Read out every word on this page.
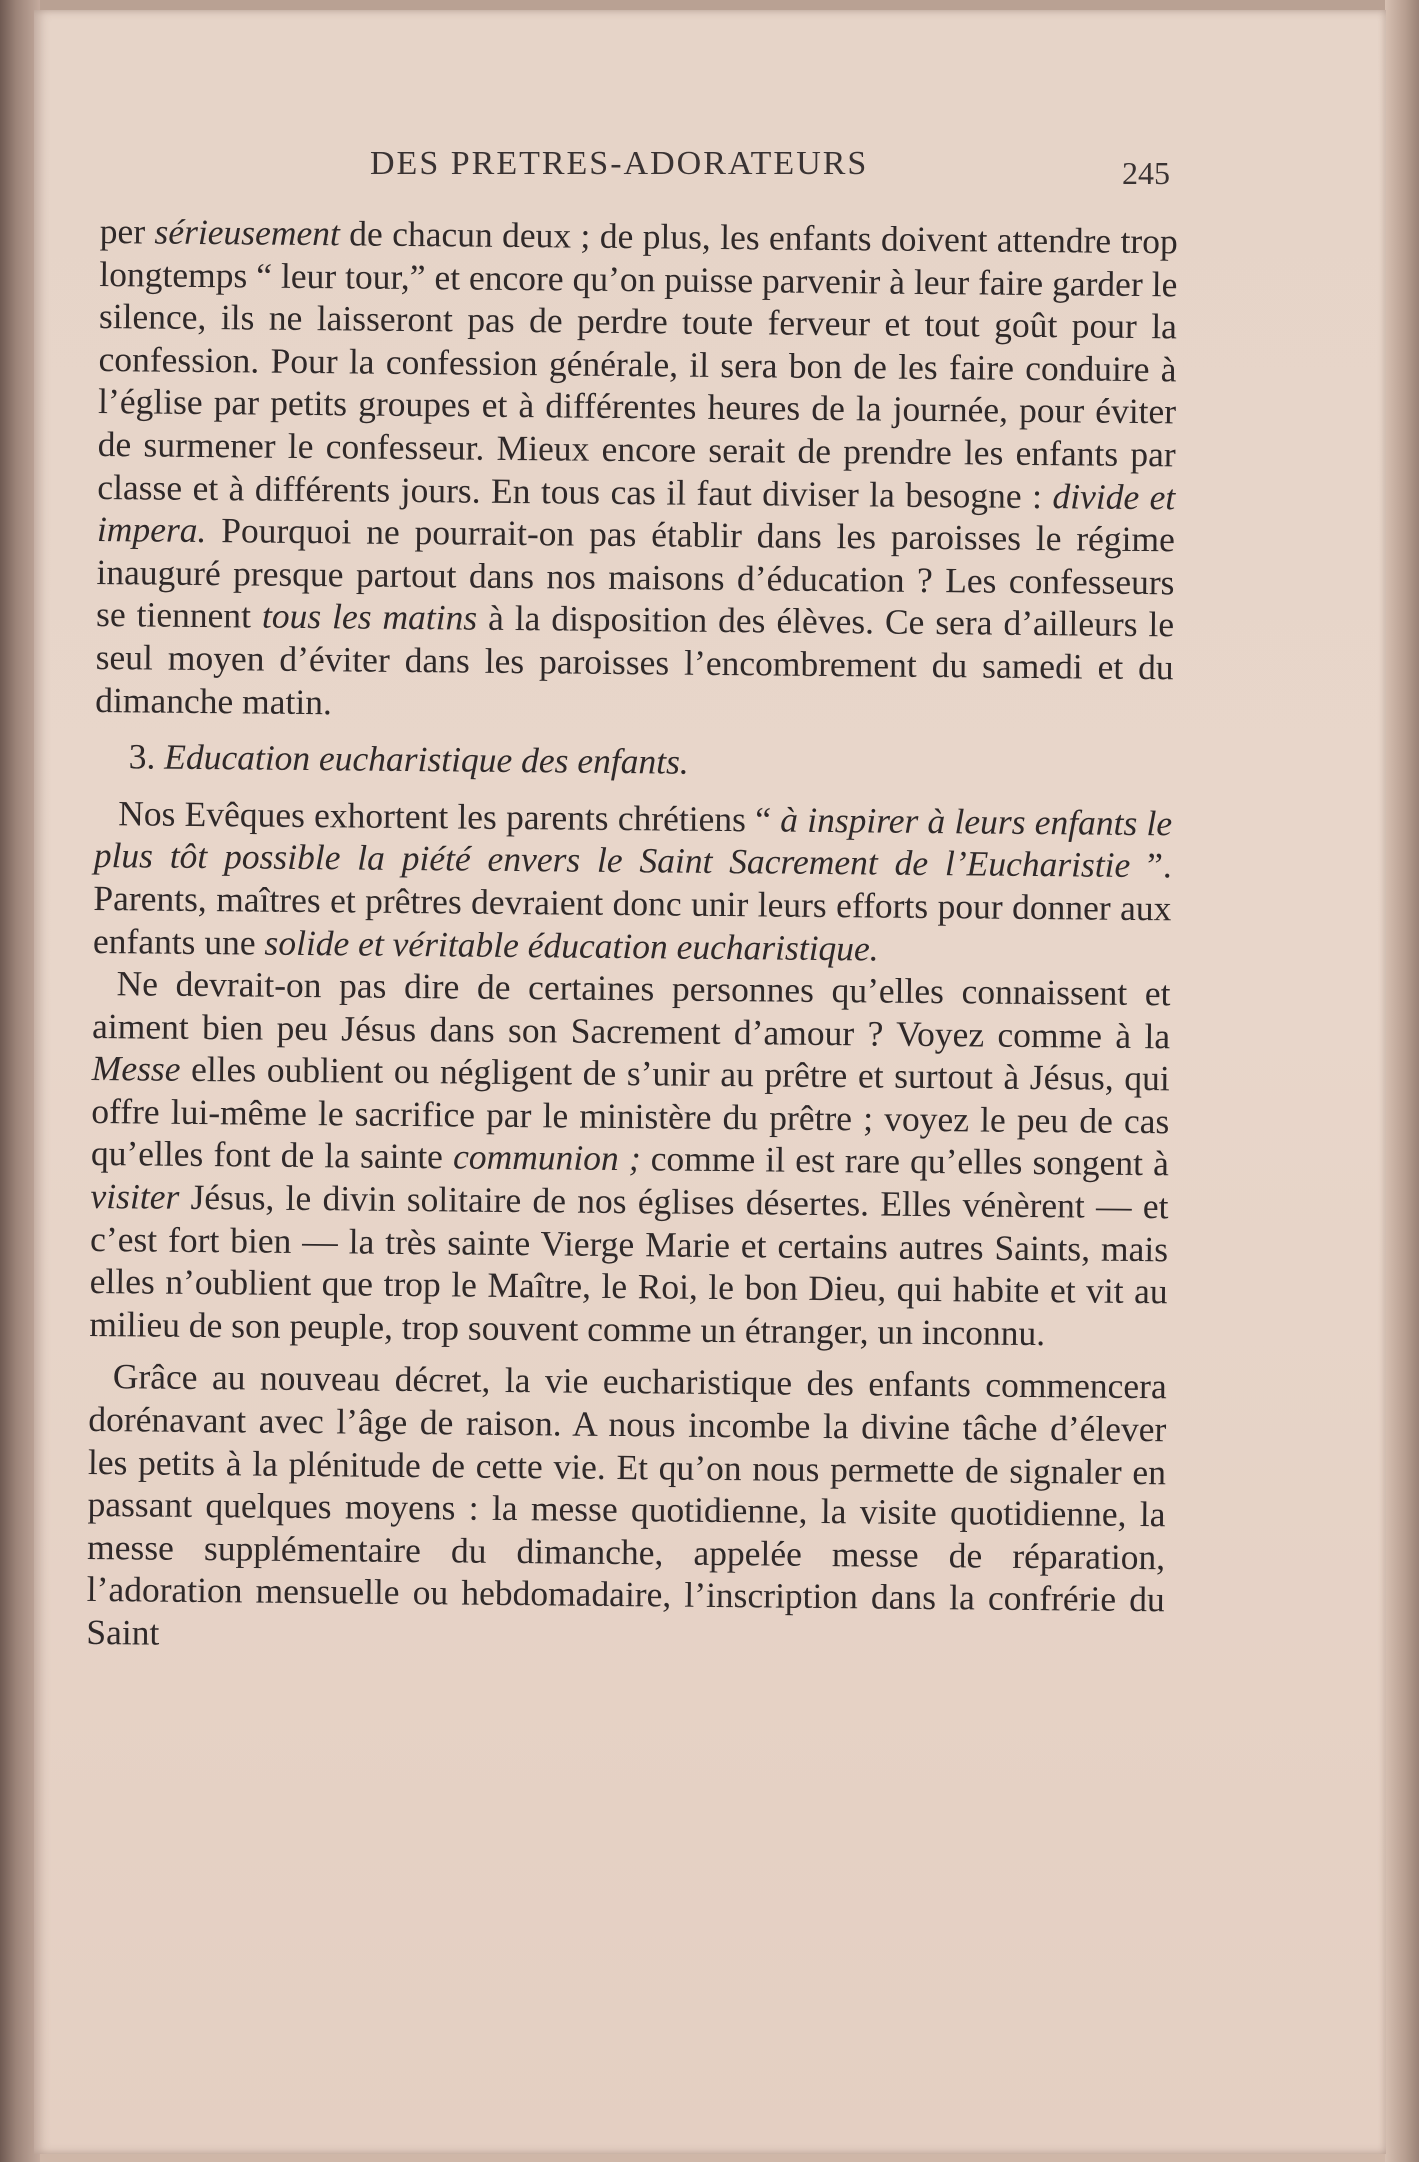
DES PRETRES-ADORATEURS	245

per sérieusement de chacun deux ; de plus, les enfants doivent attendre trop longtemps “ leur tour,” et encore qu’on puisse parvenir à leur faire garder le silence, ils ne laisseront pas de perdre toute ferveur et tout goût pour la confession. Pour la confession générale, il sera bon de les faire conduire à l’église par petits groupes et à différentes heures de la journée, pour éviter de surmener le confesseur. Mieux encore serait de prendre les enfants par classe et à différents jours. En tous cas il faut diviser la besogne : divide et impera. Pourquoi ne pourrait-on pas établir dans les paroisses le régime inauguré presque partout dans nos maisons d’éducation ? Les confesseurs se tiennent tous les matins à la disposition des élèves. Ce sera d’ailleurs le seul moyen d’éviter dans les paroisses l’encombrement du samedi et du dimanche matin.

3. Education eucharistique des enfants.

Nos Evêques exhortent les parents chrétiens “ à inspirer à leurs enfants le plus tôt possible la piété envers le Saint Sacrement de l’Eucharistie ”. Parents, maîtres et prêtres devraient donc unir leurs efforts pour donner aux enfants une solide et véritable éducation eucharistique.

Ne devrait-on pas dire de certaines personnes qu’elles connaissent et aiment bien peu Jésus dans son Sacrement d’amour ? Voyez comme à la Messe elles oublient ou négligent de s’unir au prêtre et surtout à Jésus, qui offre lui-même le sacrifice par le ministère du prêtre ; voyez le peu de cas qu’elles font de la sainte communion ; comme il est rare qu’elles songent à visiter Jésus, le divin solitaire de nos églises désertes. Elles vénèrent — et c’est fort bien — la très sainte Vierge Marie et certains autres Saints, mais elles n’oublient que trop le Maître, le Roi, le bon Dieu, qui habite et vit au milieu de son peuple, trop souvent comme un étranger, un inconnu.

Grâce au nouveau décret, la vie eucharistique des enfants commencera dorénavant avec l’âge de raison. A nous incombe la divine tâche d’élever les petits à la plénitude de cette vie. Et qu’on nous permette de signaler en passant quelques moyens : la messe quotidienne, la visite quotidienne, la messe supplémentaire du dimanche, appelée messe de réparation, l’adoration mensuelle ou hebdomadaire, l’inscription dans la confrérie du Saint
